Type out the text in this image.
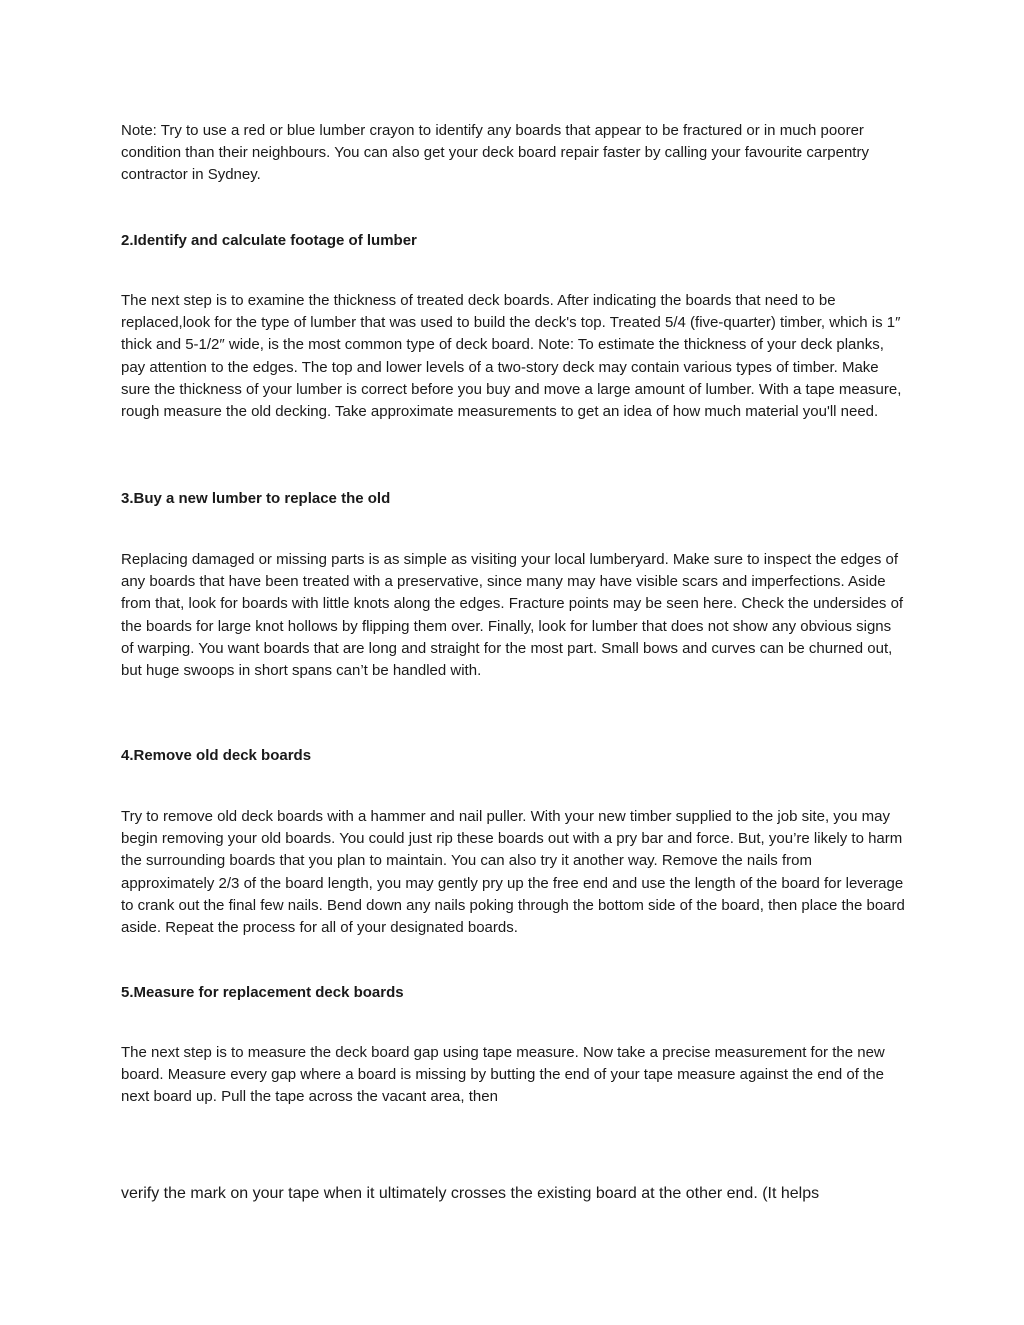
Note: Try to use a red or blue lumber crayon to identify any boards that appear to be fractured or in much poorer condition than their neighbours. You can also get your deck board repair faster by calling your favourite carpentry contractor in Sydney.

2.Identify and calculate footage of lumber

The next step is to examine the thickness of treated deck boards. After indicating the boards that need to be replaced,look for the type of lumber that was used to build the deck's top. Treated 5/4 (five-quarter) timber, which is 1″ thick and 5-1/2″ wide, is the most common type of deck board. Note: To estimate the thickness of your deck planks, pay attention to the edges. The top and lower levels of a two-story deck may contain various types of timber. Make sure the thickness of your lumber is correct before you buy and move a large amount of lumber. With a tape measure, rough measure the old decking. Take approximate measurements to get an idea of how much material you'll need.

3.Buy a new lumber to replace the old

Replacing damaged or missing parts is as simple as visiting your local lumberyard. Make sure to inspect the edges of any boards that have been treated with a preservative, since many may have visible scars and imperfections. Aside from that, look for boards with little knots along the edges. Fracture points may be seen here. Check the undersides of the boards for large knot hollows by flipping them over. Finally, look for lumber that does not show any obvious signs of warping. You want boards that are long and straight for the most part. Small bows and curves can be churned out, but huge swoops in short spans can’t be handled with.

4.Remove old deck boards

Try to remove old deck boards with a hammer and nail puller. With your new timber supplied to the job site, you may begin removing your old boards. You could just rip these boards out with a pry bar and force. But, you’re likely to harm the surrounding boards that you plan to maintain. You can also try it another way. Remove the nails from approximately 2/3 of the board length, you may gently pry up the free end and use the length of the board for leverage to crank out the final few nails. Bend down any nails poking through the bottom side of the board, then place the board aside. Repeat the process for all of your designated boards.

5.Measure for replacement deck boards

The next step is to measure the deck board gap using tape measure. Now take a precise measurement for the new board. Measure every gap where a board is missing by butting the end of your tape measure against the end of the next board up. Pull the tape across the vacant area, then

verify the mark on your tape when it ultimately crosses the existing board at the other end. (It helps
